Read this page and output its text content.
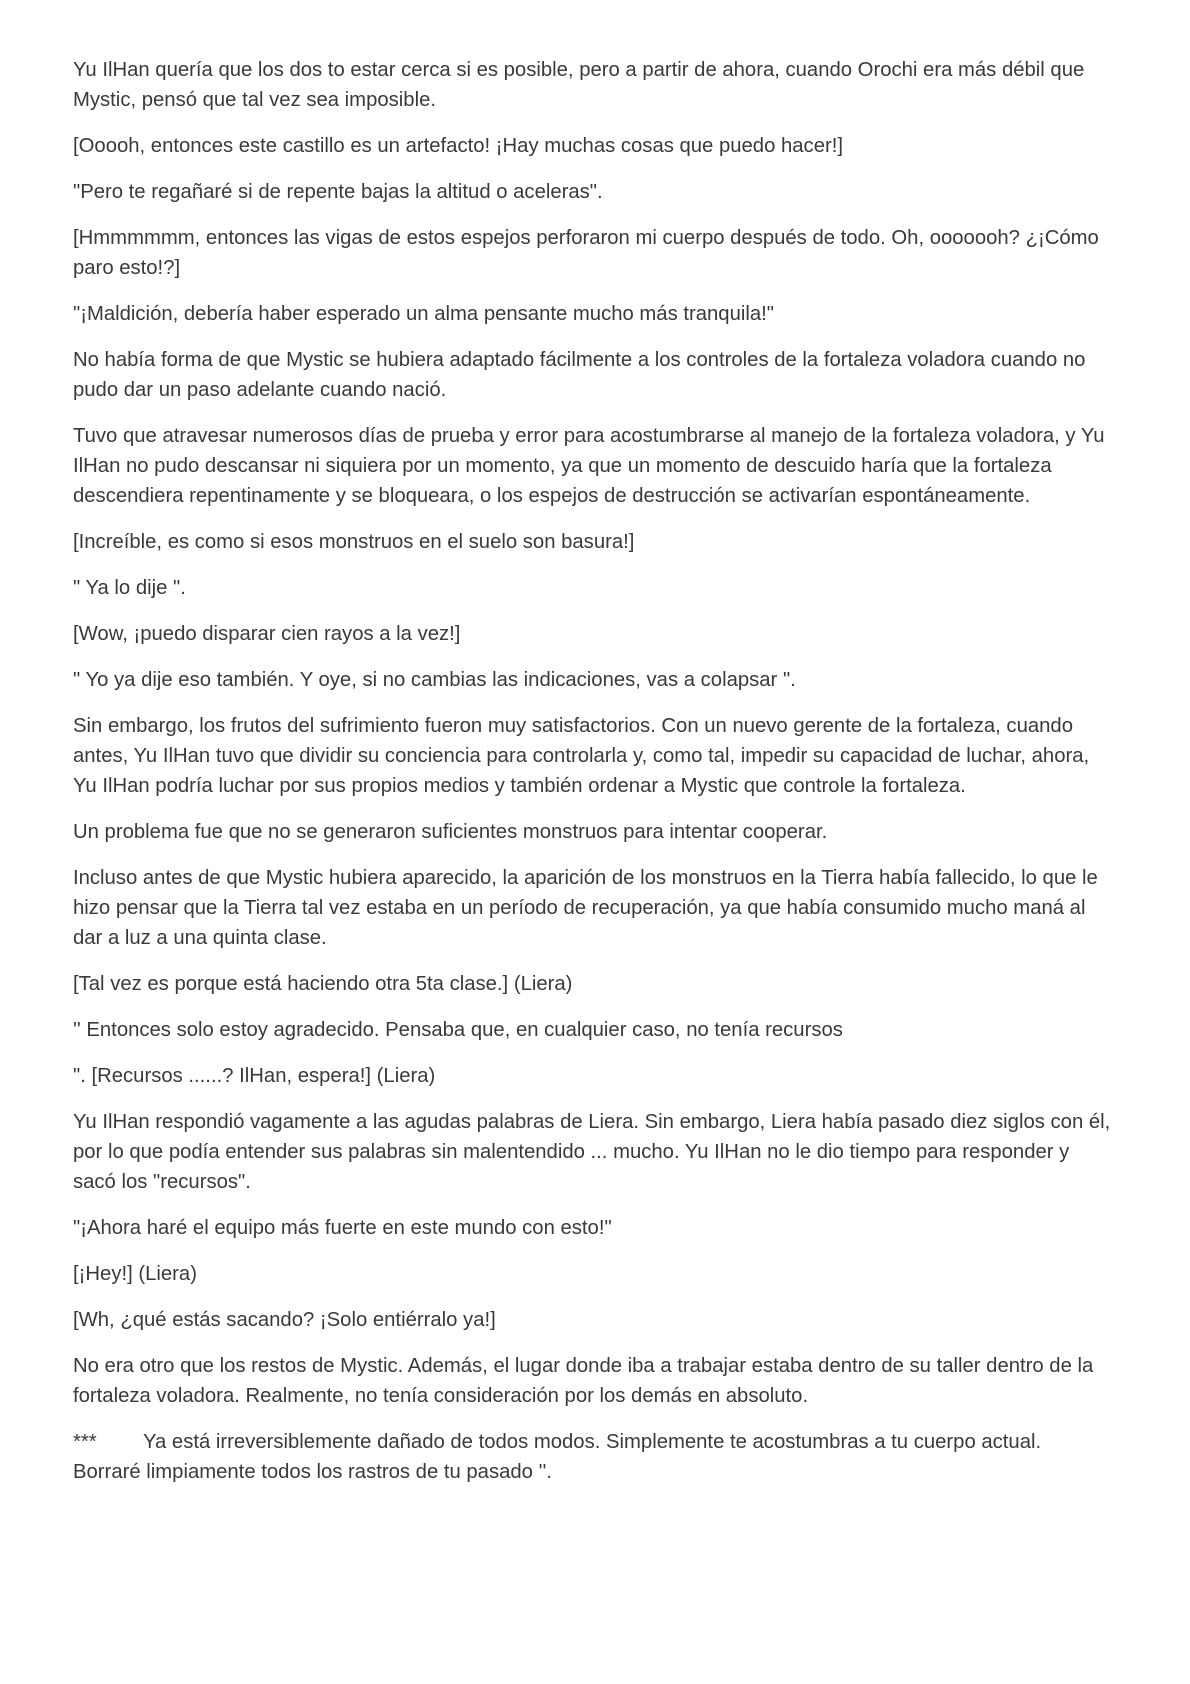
Yu IlHan quería que los dos to estar cerca si es posible, pero a partir de ahora, cuando Orochi era más débil que Mystic, pensó que tal vez sea imposible.

[Ooooh, entonces este castillo es un artefacto! ¡Hay muchas cosas que puedo hacer!]

"Pero te regañaré si de repente bajas la altitud o aceleras".

[Hmmmmmm, entonces las vigas de estos espejos perforaron mi cuerpo después de todo. Oh, ooooooh? ¿¡Cómo paro esto!?]

"¡Maldición, debería haber esperado un alma pensante mucho más tranquila!"

No había forma de que Mystic se hubiera adaptado fácilmente a los controles de la fortaleza voladora cuando no pudo dar un paso adelante cuando nació.

Tuvo que atravesar numerosos días de prueba y error para acostumbrarse al manejo de la fortaleza voladora, y Yu IlHan no pudo descansar ni siquiera por un momento, ya que un momento de descuido haría que la fortaleza descendiera repentinamente y se bloqueara, o los espejos de destrucción se activarían espontáneamente.

[Increíble, es como si esos monstruos en el suelo son basura!]

" Ya lo dije ".

[Wow, ¡puedo disparar cien rayos a la vez!]

" Yo ya dije eso también. Y oye, si no cambias las indicaciones, vas a colapsar ".

Sin embargo, los frutos del sufrimiento fueron muy satisfactorios. Con un nuevo gerente de la fortaleza, cuando antes, Yu IlHan tuvo que dividir su conciencia para controlarla y, como tal, impedir su capacidad de luchar, ahora, Yu IlHan podría luchar por sus propios medios y también ordenar a Mystic que controle la fortaleza.

Un problema fue que no se generaron suficientes monstruos para intentar cooperar.

Incluso antes de que Mystic hubiera aparecido, la aparición de los monstruos en la Tierra había fallecido, lo que le hizo pensar que la Tierra tal vez estaba en un período de recuperación, ya que había consumido mucho maná al dar a luz a una quinta clase.

[Tal vez es porque está haciendo otra 5ta clase.] (Liera)

'' Entonces solo estoy agradecido. Pensaba que, en cualquier caso, no tenía recursos

". [Recursos ......? IlHan, espera!] (Liera)

Yu IlHan respondió vagamente a las agudas palabras de Liera. Sin embargo, Liera había pasado diez siglos con él, por lo que podía entender sus palabras sin malentendido ... mucho. Yu IlHan no le dio tiempo para responder y sacó los "recursos".

"¡Ahora haré el equipo más fuerte en este mundo con esto!"

[¡Hey!] (Liera)

[Wh, ¿qué estás sacando? ¡Solo entiérralo ya!]

No era otro que los restos de Mystic. Además, el lugar donde iba a trabajar estaba dentro de su taller dentro de la fortaleza voladora. Realmente, no tenía consideración por los demás en absoluto.

*** Ya está irreversiblemente dañado de todos modos. Simplemente te acostumbras a tu cuerpo actual. Borraré limpiamente todos los rastros de tu pasado ''.
